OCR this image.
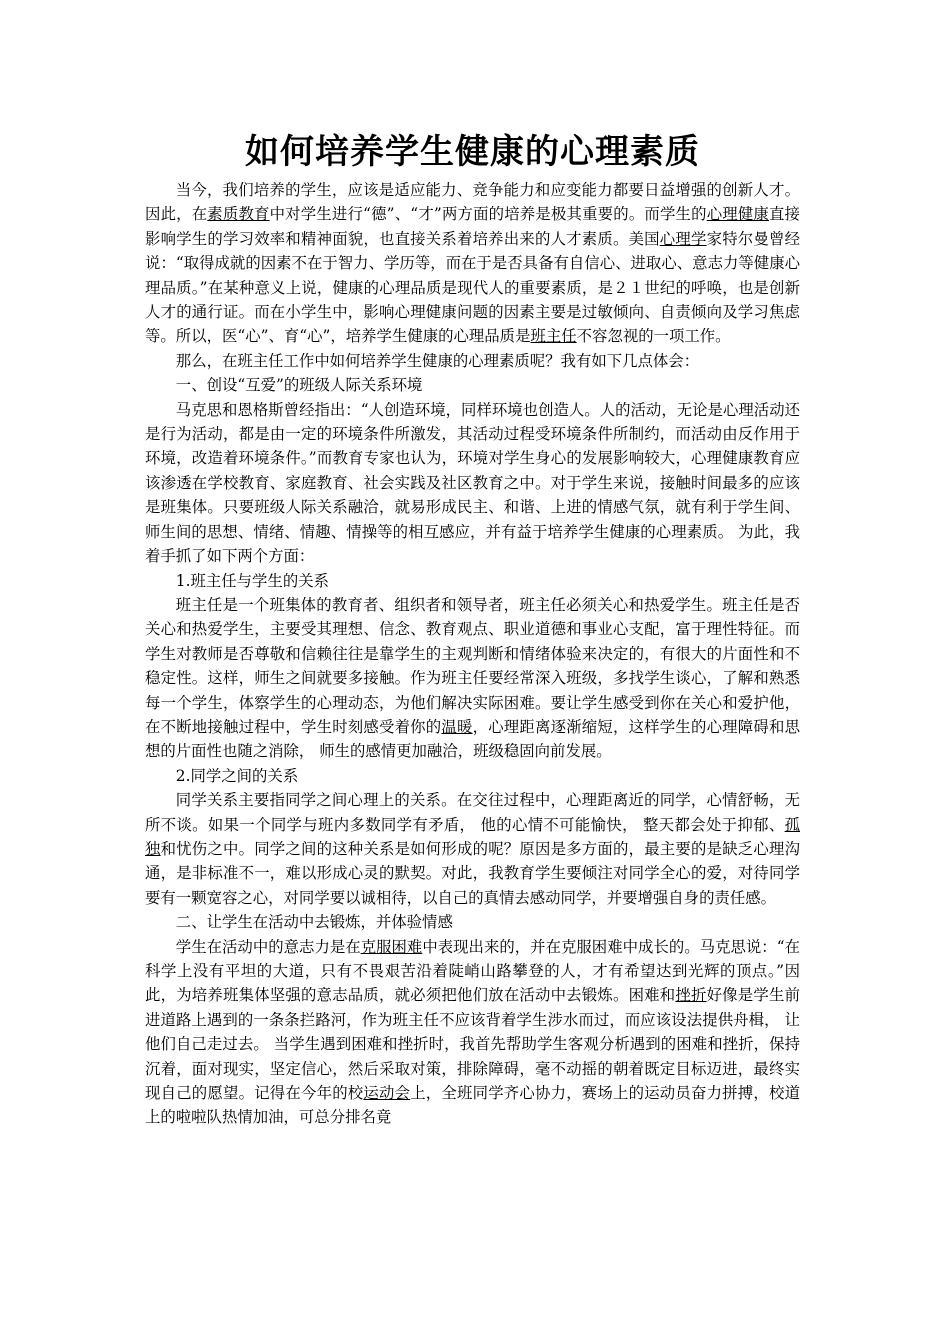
如何培养学生健康的心理素质

当今，我们培养的学生，应该是适应能力、竞争能力和应变能力都要日益增强的创新人才。因此，在素质教育中对学生进行“德”、“才”两方面的培养是极其重要的。而学生的心理健康直接影响学生的学习效率和精神面貌，也直接关系着培养出来的人才素质。美国心理学家特尔曼曾经说：“取得成就的因素不在于智力、学历等，而在于是否具备有自信心、进取心、意志力等健康心理品质。”在某种意义上说，健康的心理品质是现代人的重要素质，是２１世纪的呼唤，也是创新人才的通行证。而在小学生中，影响心理健康问题的因素主要是过敏倾向、自责倾向及学习焦虑等。所以，医“心”、育“心”，培养学生健康的心理品质是班主任不容忽视的一项工作。

那么，在班主任工作中如何培养学生健康的心理素质呢？我有如下几点体会：

一、创设“互爱”的班级人际关系环境

马克思和恩格斯曾经指出：“人创造环境，同样环境也创造人。人的活动，无论是心理活动还是行为活动，都是由一定的环境条件所激发，其活动过程受环境条件所制约，而活动由反作用于环境，改造着环境条件。”而教育专家也认为，环境对学生身心的发展影响较大，心理健康教育应该渗透在学校教育、家庭教育、社会实践及社区教育之中。对于学生来说，接触时间最多的应该是班集体。只要班级人际关系融洽，就易形成民主、和谐、上进的情感气氛，就有利于学生间、师生间的思想、情绪、情趣、情操等的相互感应，并有益于培养学生健康的心理素质。 为此，我着手抓了如下两个方面：

1.班主任与学生的关系

班主任是一个班集体的教育者、组织者和领导者，班主任必须关心和热爱学生。班主任是否关心和热爱学生，主要受其理想、信念、教育观点、职业道德和事业心支配，富于理性特征。而学生对教师是否尊敬和信赖往往是靠学生的主观判断和情绪体验来决定的，有很大的片面性和不稳定性。这样，师生之间就要多接触。作为班主任要经常深入班级，多找学生谈心，了解和熟悉每一个学生，体察学生的心理动态，为他们解决实际困难。要让学生感受到你在关心和爱护他，在不断地接触过程中，学生时刻感受着你的温暖，心理距离逐渐缩短，这样学生的心理障碍和思想的片面性也随之消除， 师生的感情更加融洽，班级稳固向前发展。

2.同学之间的关系

同学关系主要指同学之间心理上的关系。在交往过程中，心理距离近的同学，心情舒畅，无所不谈。如果一个同学与班内多数同学有矛盾， 他的心情不可能愉快， 整天都会处于抑郁、孤独和忧伤之中。同学之间的这种关系是如何形成的呢？原因是多方面的，最主要的是缺乏心理沟通，是非标准不一，难以形成心灵的默契。对此，我教育学生要倾注对同学全心的爱，对待同学要有一颗宽容之心，对同学要以诚相待，以自己的真情去感动同学，并要增强自身的责任感。

二、让学生在活动中去锻炼，并体验情感

学生在活动中的意志力是在克服困难中表现出来的，并在克服困难中成长的。马克思说：“在科学上没有平坦的大道，只有不畏艰苦沿着陡峭山路攀登的人，才有希望达到光辉的顶点。”因此，为培养班集体坚强的意志品质，就必须把他们放在活动中去锻炼。困难和挫折好像是学生前进道路上遇到的一条条拦路河，作为班主任不应该背着学生涉水而过，而应该设法提供舟楫， 让他们自己走过去。 当学生遇到困难和挫折时，我首先帮助学生客观分析遇到的困难和挫折，保持沉着，面对现实，坚定信心，然后采取对策，排除障碍，毫不动摇的朝着既定目标迈进，最终实现自己的愿望。记得在今年的校运动会上，全班同学齐心协力，赛场上的运动员奋力拼搏，校道上的啦啦队热情加油，可总分排名竟
